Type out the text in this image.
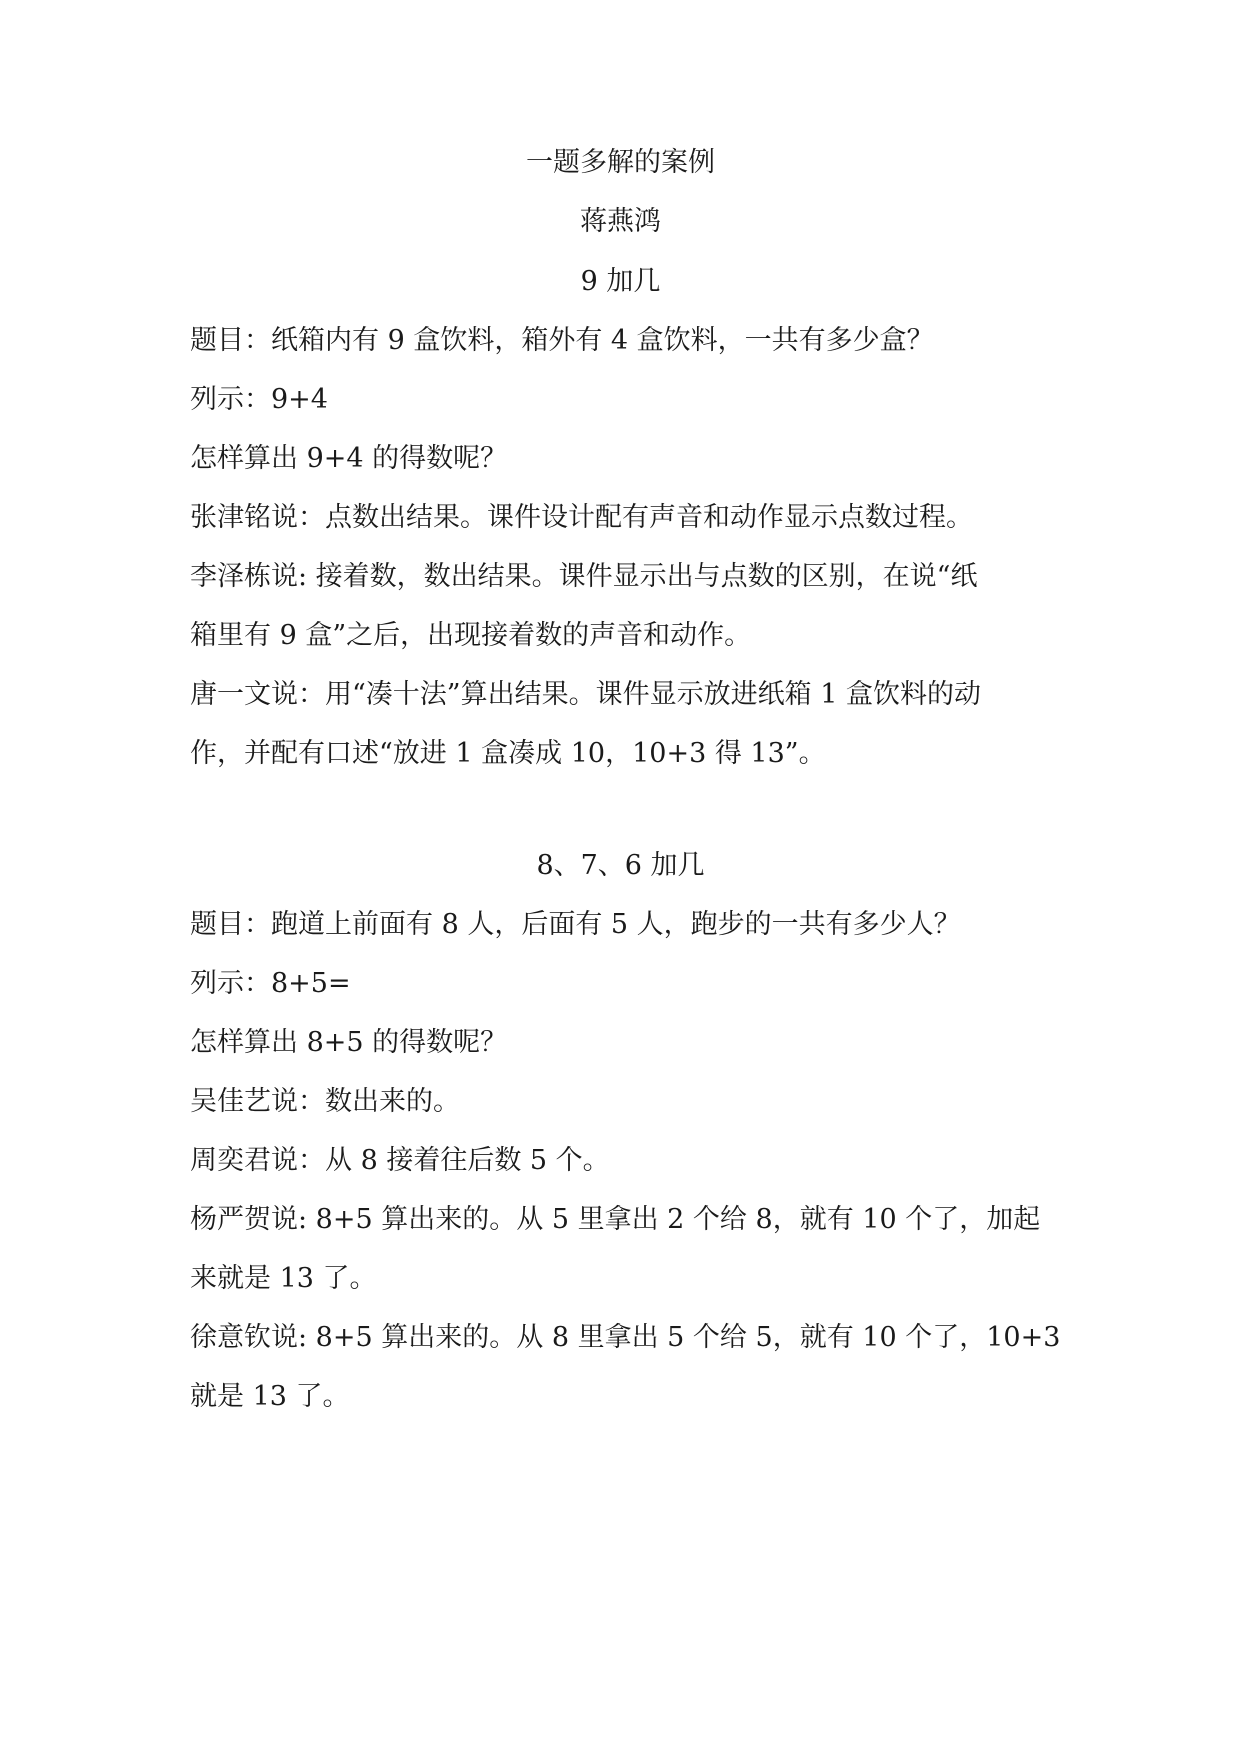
一题多解的案例
蒋燕鸿
9 加几
题目：纸箱内有 9 盒饮料，箱外有 4 盒饮料，一共有多少盒？
列示：9+4
怎样算出 9+4 的得数呢？
张津铭说：点数出结果。课件设计配有声音和动作显示点数过程。
李泽栋说: 接着数，数出结果。课件显示出与点数的区别，在说“纸
箱里有 9 盒”之后，出现接着数的声音和动作。
唐一文说：用“凑十法”算出结果。课件显示放进纸箱 1 盒饮料的动
作，并配有口述“放进 1 盒凑成 10，10+3 得 13”。
8、7、6 加几
题目：跑道上前面有 8 人，后面有 5 人，跑步的一共有多少人？
列示：8+5=
怎样算出 8+5 的得数呢？
吴佳艺说：数出来的。
周奕君说：从 8 接着往后数 5 个。
杨严贺说: 8+5 算出来的。从 5 里拿出 2 个给 8，就有 10 个了，加起
来就是 13 了。
徐意钦说: 8+5 算出来的。从 8 里拿出 5 个给 5，就有 10 个了，10+3
就是 13 了。
